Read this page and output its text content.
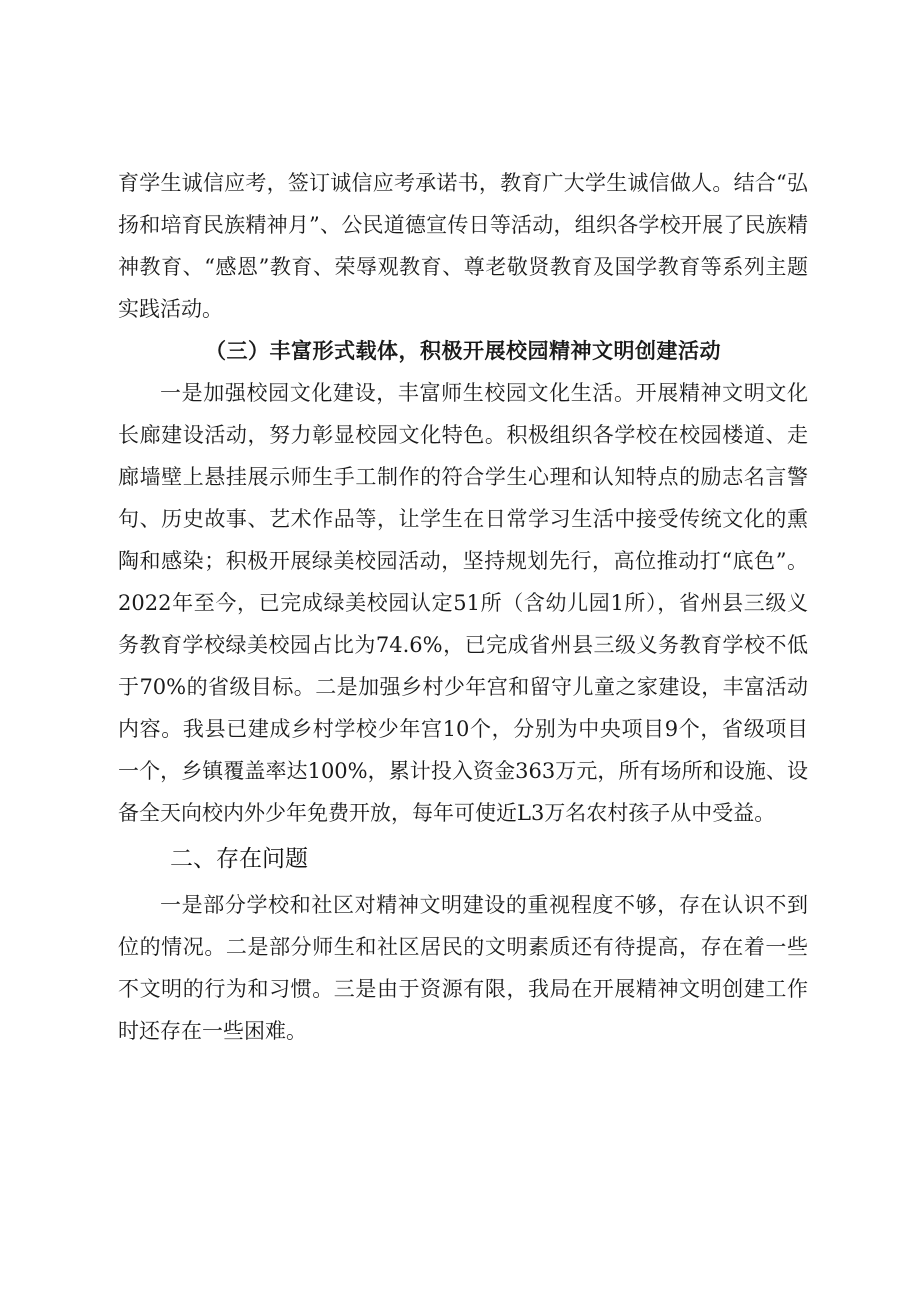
育学生诚信应考，签订诚信应考承诺书，教育广大学生诚信做人。结合“弘扬和培育民族精神月”、公民道德宣传日等活动，组织各学校开展了民族精神教育、“感恩”教育、荣辱观教育、尊老敬贤教育及国学教育等系列主题实践活动。

（三）丰富形式载体，积极开展校园精神文明创建活动

一是加强校园文化建设，丰富师生校园文化生活。开展精神文明文化长廊建设活动，努力彰显校园文化特色。积极组织各学校在校园楼道、走廊墙壁上悬挂展示师生手工制作的符合学生心理和认知特点的励志名言警句、历史故事、艺术作品等，让学生在日常学习生活中接受传统文化的熏陶和感染；积极开展绿美校园活动，坚持规划先行，高位推动打“底色”。2022年至今，已完成绿美校园认定51所（含幼儿园1所），省州县三级义务教育学校绿美校园占比为74.6%，已完成省州县三级义务教育学校不低于70%的省级目标。二是加强乡村少年宫和留守儿童之家建设，丰富活动内容。我县已建成乡村学校少年宫10个，分别为中央项目9个，省级项目一个，乡镇覆盖率达100%，累计投入资金363万元，所有场所和设施、设备全天向校内外少年免费开放，每年可使近L3万名农村孩子从中受益。

二、存在问题

一是部分学校和社区对精神文明建设的重视程度不够，存在认识不到位的情况。二是部分师生和社区居民的文明素质还有待提高，存在着一些不文明的行为和习惯。三是由于资源有限，我局在开展精神文明创建工作时还存在一些困难。
